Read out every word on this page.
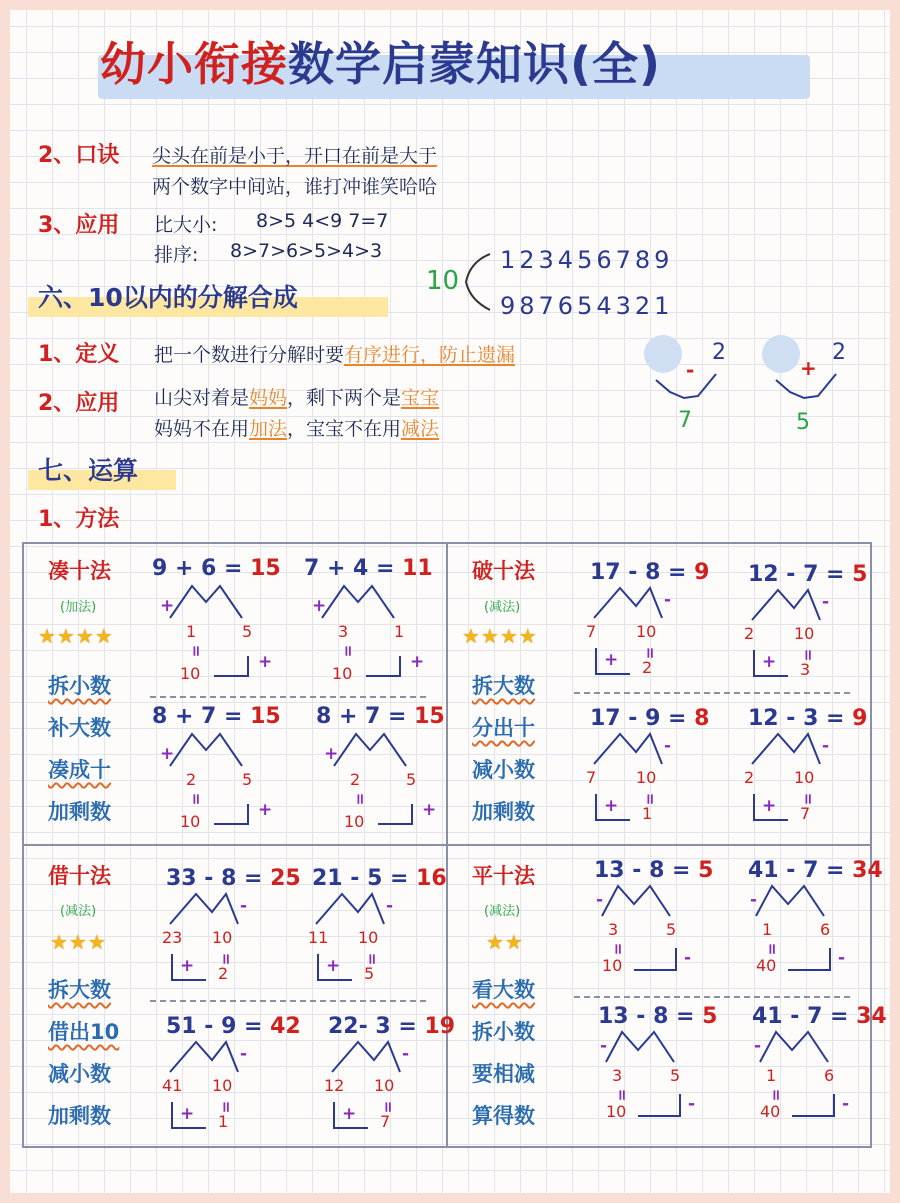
幼小衔接数学启蒙知识(全)
2、口诀 尖头在前是小于，开口在前是大于
两个数字中间站，谁打冲谁笑哈哈
3、应用 比大小: 8>5 4<9 7=7
排序: 8>7>6>5>4>3
10
123456789
987654321
六、10以内的分解合成
1、定义 把一个数进行分解时要有序进行，防止遗漏
2、应用 山尖对着是妈妈，剩下两个是宝宝
妈妈不在用加法，宝宝不在用减法
2
-
7
2
+
5
七、运算
1、方法
凑十法
(加法)
★★★★
拆小数
补大数
凑成十
加剩数
破十法
(减法)
★★★★
拆大数
分出十
减小数
加剩数
借十法
(减法)
★★★
拆大数
借出10
减小数
加剩数
平十法
(减法)
★★
看大数
拆小数
要相减
算得数
9 + 6 = 15
+
1	5
=
10
+
7 + 4 = 11
+
3	1
=
10
+
8 + 7 = 15
+
2	5
=
10
+
8 + 7 = 15
+
2	5
=
10
+
17 - 8 = 9
-
7 10
+ =
2
12 - 7 = 5
-
2 10
+ =
3
17 - 9 = 8
-
7 10
+ =
1
12 - 3 = 9
-
2 10
+ =
7
33 - 8 = 25
-
23 10
+ =
2
21 - 5 = 16
-
11 10
+ =
5
51 - 9 = 42
-
41 10
+ =
1
22- 3 = 19
-
12 10
+ =
7
13 - 8 = 5
-
3	5
=
10	-
41 - 7 = 34
-
1	6
=
40	-
13 - 8 = 5
-
3	5
=
10	-
41 - 7 = 34
-
1	6
=
40	-
